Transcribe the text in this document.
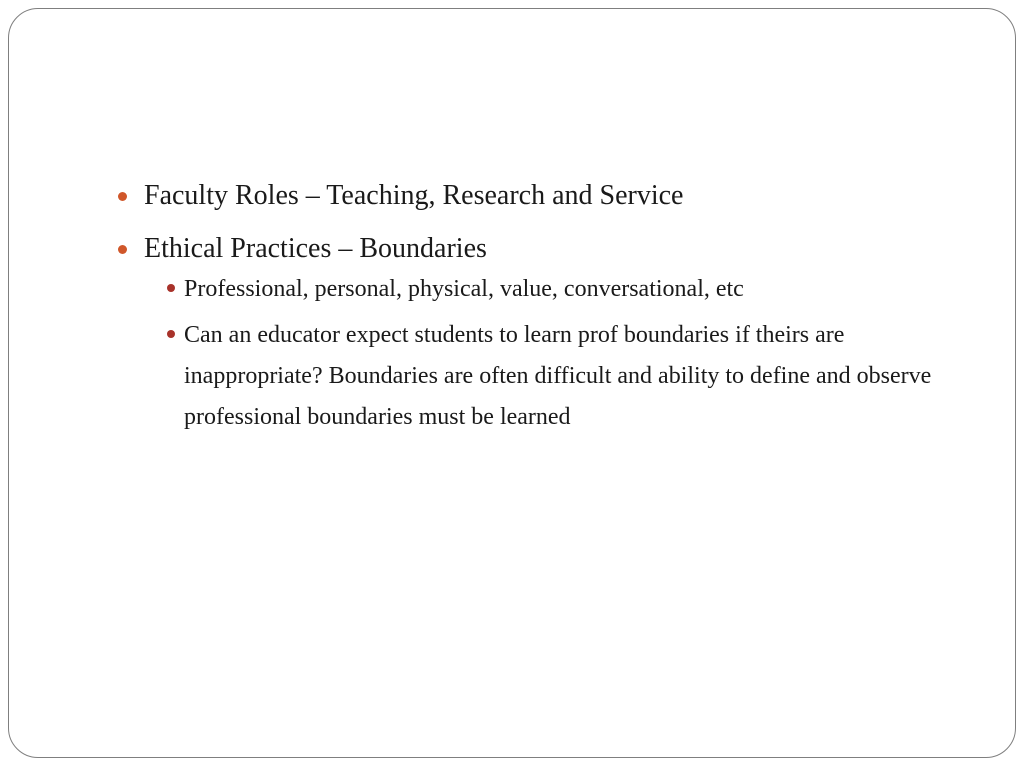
Faculty Roles – Teaching, Research and Service
Ethical Practices – Boundaries
Professional, personal, physical, value, conversational, etc
Can an educator expect students to learn prof boundaries if theirs are inappropriate? Boundaries are often difficult and ability to define and observe professional boundaries must be learned
